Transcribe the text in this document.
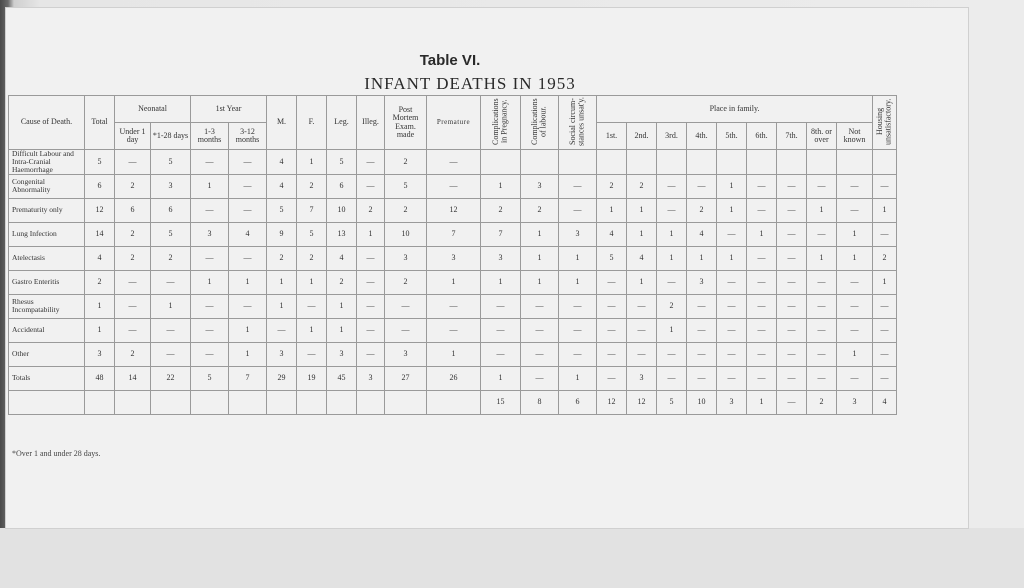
Table VI.
INFANT DEATHS IN 1953
Cause of Death.	Total	Neonatal		1st Year		M.	F.	Leg.	Illeg.	Post Mortem Exam. made	Premature	Complications in Pregnancy.	Complications of labour.	Social circum- stances unsat'y.	Place in family.									Housing unsatisfactory.	
		Under 1 day	*1-28 days	1-3 months	3-12 months										1st.	2nd.	3rd.	4th.	5th.	6th.	7th.	8th. or over	Not known		
Difficult Labour and Intra-Cranial Haemorrhage	5	—	5	—	—	4	1	5	—	2	—														
Congenital Abnormality	6	2	3	1	—	4	2	6	—	5	—	1	3	—	2	2	—	—	1	—	—	—	—	—	
Prematurity only	12	6	6	—	—	5	7	10	2	2	12	2	2	—	1	1	—	2	1	—	—	1	—	1	
Lung Infection	14	2	5	3	4	9	5	13	1	10	7	7	1	3	4	1	1	4	—	1	—	—	1	—	
Atelectasis	4	2	2	—	—	2	2	4	—	3	3	3	1	1	5	4	1	1	1	—	—	1	1	2	
Gastro Enteritis	2	—	—	1	1	1	1	2	—	2	1	1	1	1	—	1	—	3	—	—	—	—	—	1	
Rhesus Incompatability	1	—	1	—	—	1	—	1	—	—	—	—	—	—	—	—	2	—	—	—	—	—	—	—	
Accidental	1	—	—	—	1	—	1	1	—	—	—	—	—	—	—	—	1	—	—	—	—	—	—	—	
Other	3	2	—	—	1	3	—	3	—	3	1	—	—	—	—	—	—	—	—	—	—	—	1	—	
Totals	48	14	22	5	7	29	19	45	3	27	26	1	—	1	—	3	—	—	—	—	—	—	—	—	
												15	8	6	12	12	5	10	3	1	—	2	3	4	
*Over 1 and under 28 days.
